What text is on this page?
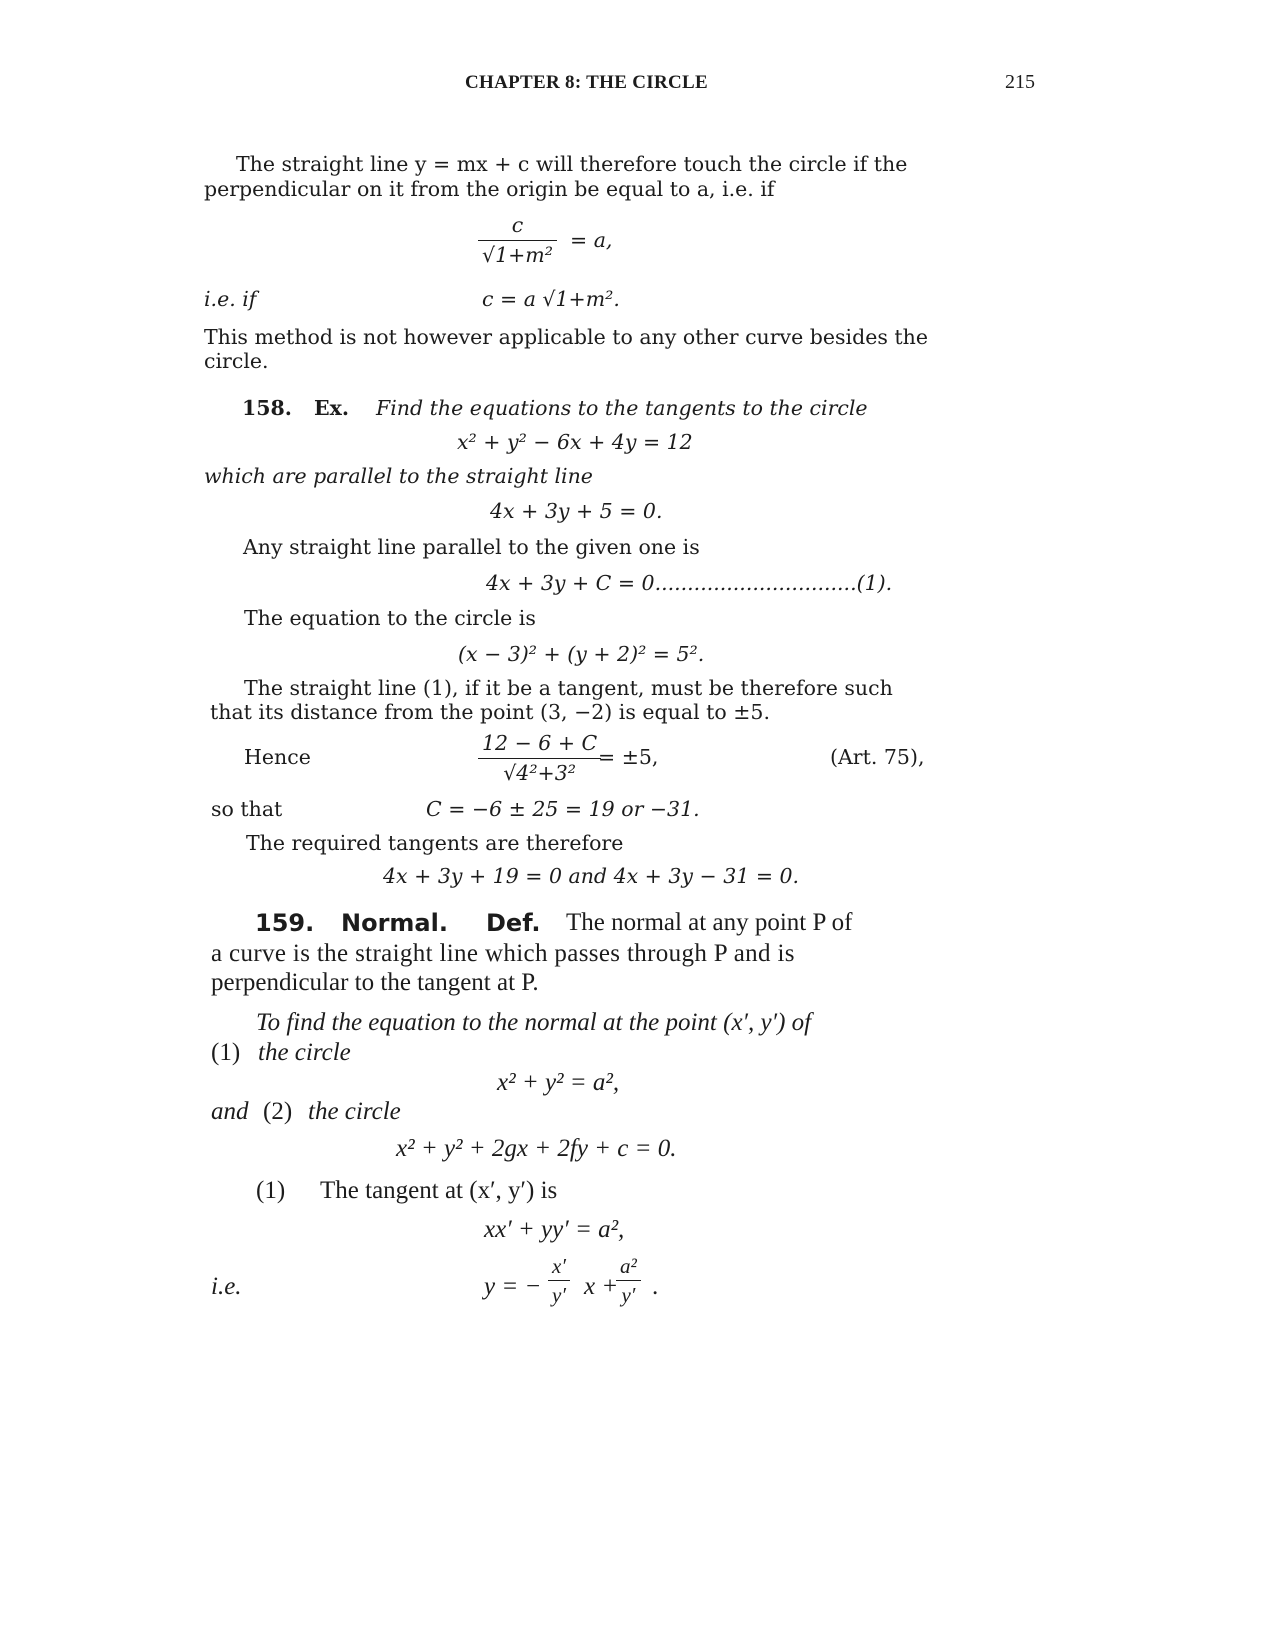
CHAPTER 8: THE CIRCLE	215
The straight line y = mx + c will therefore touch the circle if the
perpendicular on it from the origin be equal to a, i.e. if
$\frac{c}{\text{√1+m²}} = a$,
i.e. if	c = a √1+m².
This method is not however applicable to any other curve besides the
circle.
158. Ex. Find the equations to the tangents to the circle
x² + y² − 6x + 4y = 12
which are parallel to the straight line
4x + 3y + 5 = 0.
Any straight line parallel to the given one is
4x + 3y + C = 0...............................(1).
The equation to the circle is
(x − 3)² + (y + 2)² = 5².
The straight line (1), if it be a tangent, must be therefore such
that its distance from the point (3, −2) is equal to ±5.
Hence	$\frac{12 - 6 + C}{\text{√4²+3²}}$
= ±5,	(Art. 75),
so that	C = −6 ± 25 = 19 or −31.
The required tangents are therefore
4x + 3y + 19 = 0 and 4x + 3y − 31 = 0.
159. Normal. Def. The normal at any point P of
a curve is the straight line which passes through P and is
perpendicular to the tangent at P.
To find the equation to the normal at the point (x′, y′) of
(1) the circle
x² + y² = a²,
and (2) the circle
x² + y² + 2gx + 2fy + c = 0.
(1) The tangent at (x′, y′) is
xx′ + yy′ = a²,
i.e.	y = − $\frac{x'}{y'}$ x +
$\frac{\text{a²}}{y'}$ .
